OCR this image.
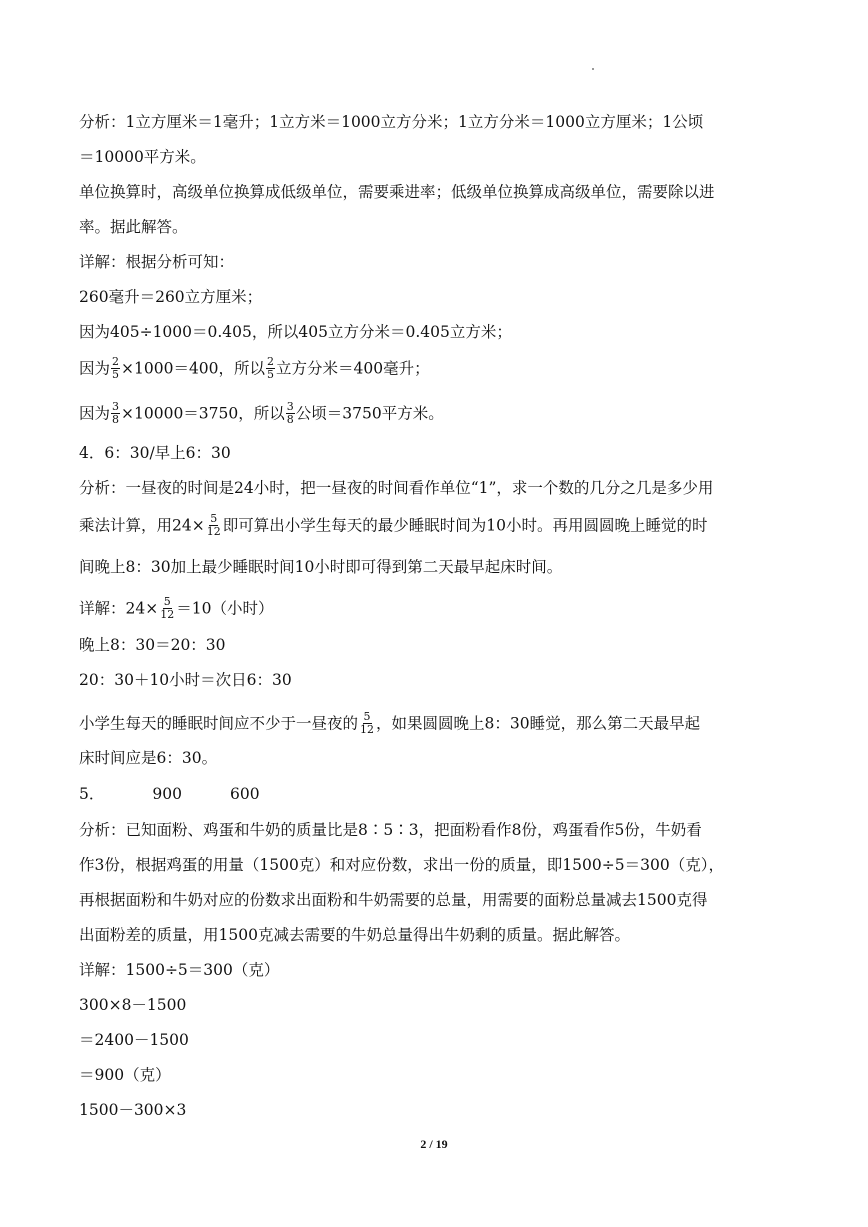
分析：1立方厘米＝1毫升；1立方米＝1000立方分米；1立方分米＝1000立方厘米；1公顷
＝10000平方米。
单位换算时，高级单位换算成低级单位，需要乘进率；低级单位换算成高级单位，需要除以进
率。据此解答。
详解：根据分析可知：
260毫升＝260立方厘米；
因为405÷1000＝0.405，所以405立方分米＝0.405立方米；
因为 $\frac{2}{5} \times 1000=400$，所以 $\frac{2}{5}$ 立方分米＝400毫升；
因为 $\frac{3}{8} \times 10000=3750$，所以 $\frac{3}{8}$ 公顷＝3750平方米。
4．6：30/早上6：30
分析：一昼夜的时间是24小时，把一昼夜的时间看作单位“1”，求一个数的几分之几是多少用
乘法计算，用$24\times \frac{5}{12}$ 即可算出小学生每天的最少睡眠时间为10小时。再用圆圆晚上睡觉的时
间晚上8：30加上最少睡眠时间10小时即可得到第二天最早起床时间。
详解：$24\times \frac{5}{12} =10$（小时）
晚上8：30＝20：30
20：30＋10小时＝次日6：30
小学生每天的睡眠时间应不少于一昼夜的 $\frac{5}{12}$ ，如果圆圆晚上8：30睡觉，那么第二天最早起
床时间应是6：30。
5．	900	600
分析：已知面粉、鸡蛋和牛奶的质量比是8∶5∶3，把面粉看作8份，鸡蛋看作5份，牛奶看
作3份，根据鸡蛋的用量（1500克）和对应份数，求出一份的质量，即1500÷5＝300（克），
再根据面粉和牛奶对应的份数求出面粉和牛奶需要的总量，用需要的面粉总量减去1500克得
出面粉差的质量，用1500克减去需要的牛奶总量得出牛奶剩的质量。据此解答。
详解：1500÷5＝300（克）
300×8－1500
＝2400－1500
＝900（克）
1500－300×3
2 / 19
